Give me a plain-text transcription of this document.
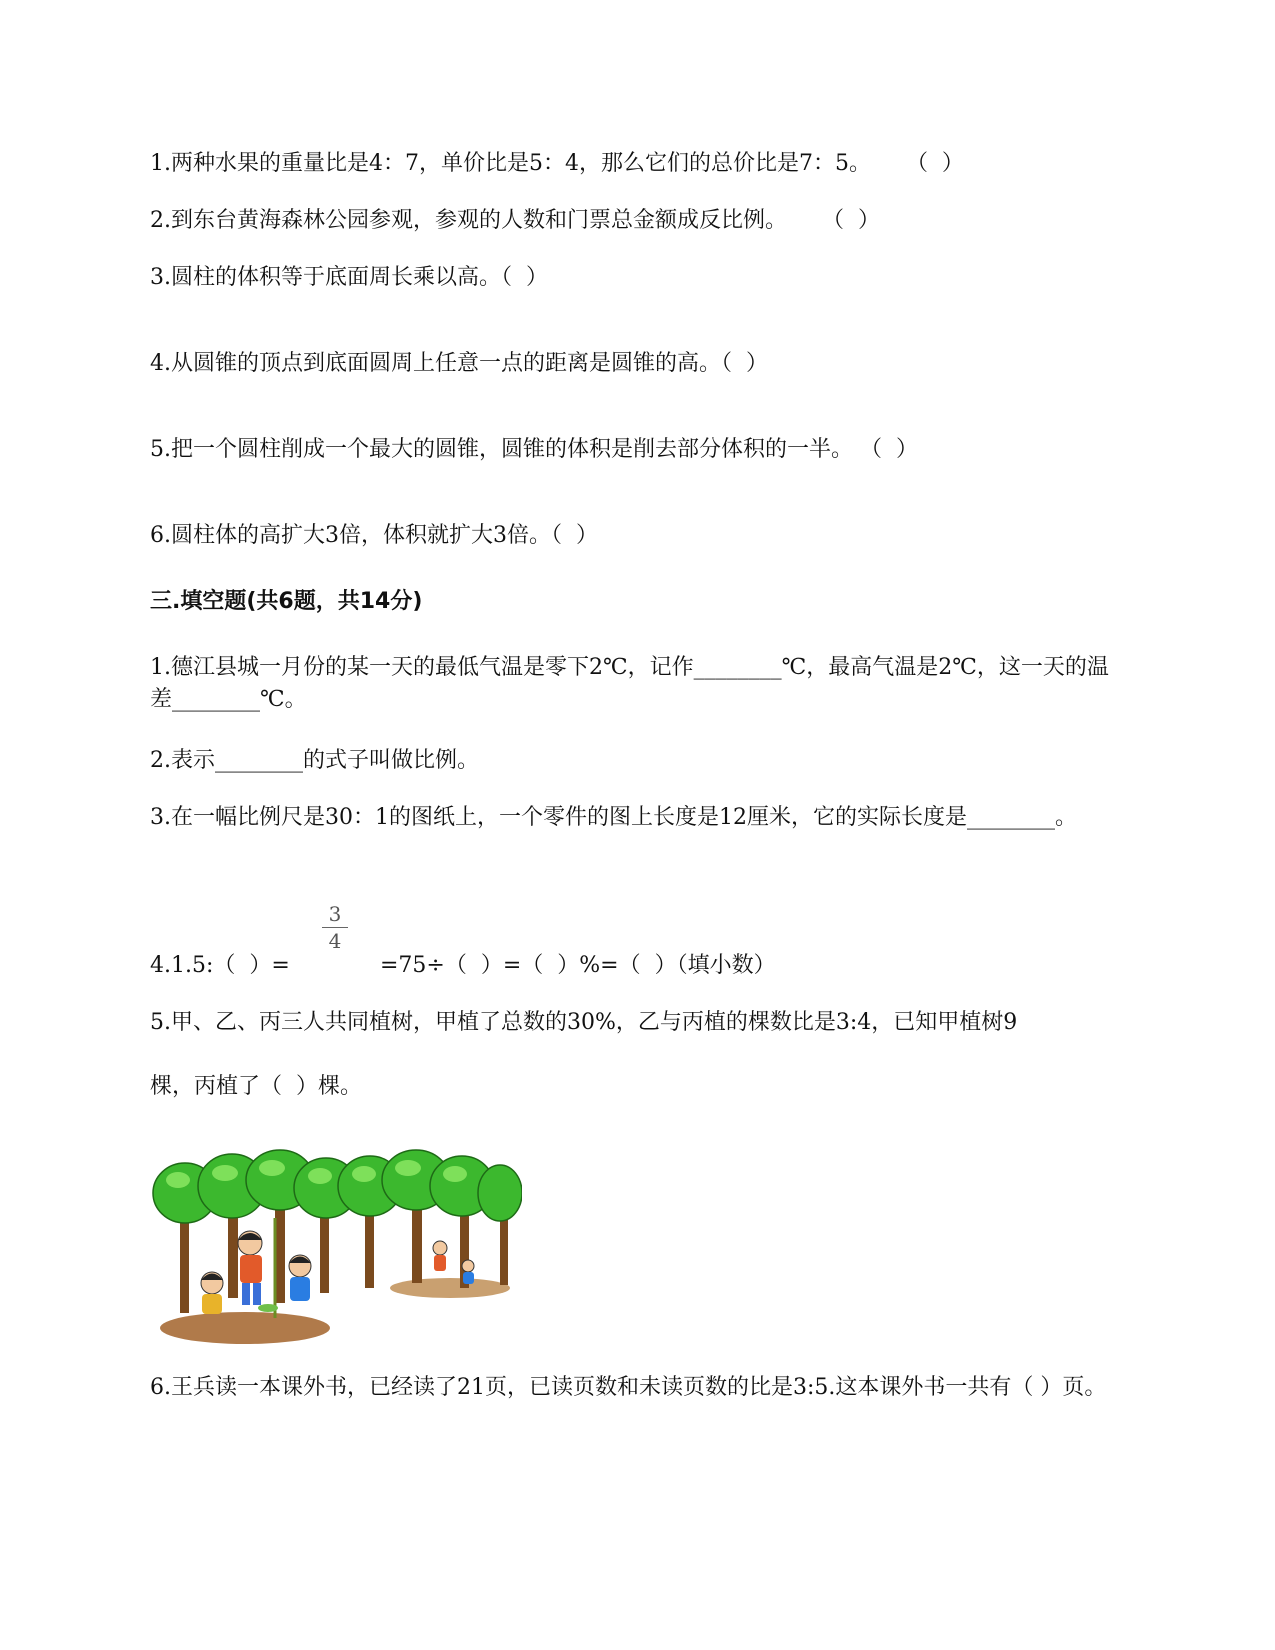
1.两种水果的重量比是4：7，单价比是5：4，那么它们的总价比是7：5。     （  ）
2.到东台黄海森林公园参观，参观的人数和门票总金额成反比例。     （  ）
3.圆柱的体积等于底面周长乘以高。（  ）
4.从圆锥的顶点到底面圆周上任意一点的距离是圆锥的高。（  ）
5.把一个圆柱削成一个最大的圆锥，圆锥的体积是削去部分体积的一半。 （  ）
6.圆柱体的高扩大3倍，体积就扩大3倍。（  ）
三.填空题(共6题，共14分)
1.德江县城一月份的某一天的最低气温是零下2℃，记作________℃，最高气温是2℃，这一天的温差________℃。
2.表示________的式子叫做比例。
3.在一幅比例尺是30：1的图纸上，一个零件的图上长度是12厘米，它的实际长度是________。
4.1.5:（  ）=
3
4
=75÷（  ）=（  ）%=（  ）（填小数）
5.甲、乙、丙三人共同植树，甲植了总数的30%，乙与丙植的棵数比是3:4，已知甲植树9
棵，丙植了（  ）棵。
6.王兵读一本课外书，已经读了21页，已读页数和未读页数的比是3:5.这本课外书一共有（ ）页。
